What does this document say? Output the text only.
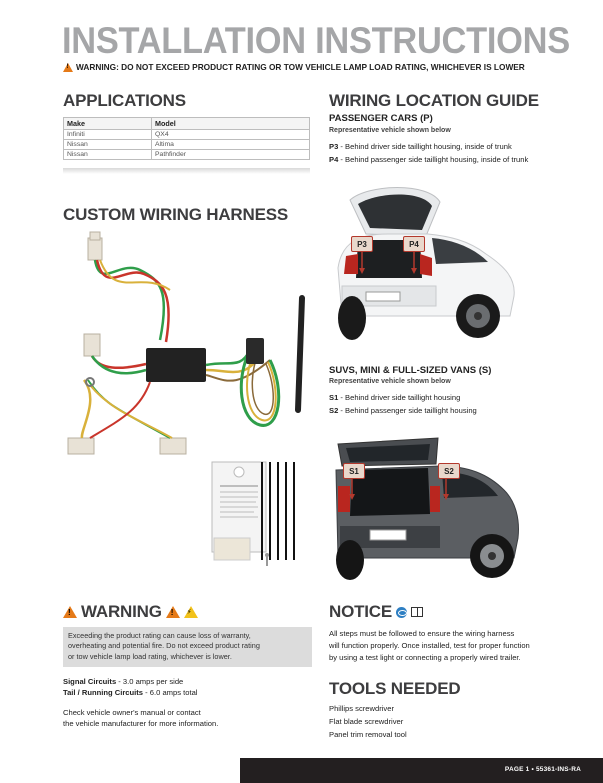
INSTALLATION INSTRUCTIONS
!
WARNING: DO NOT EXCEED PRODUCT RATING OR TOW VEHICLE LAMP LOAD RATING, WHICHEVER IS LOWER
APPLICATIONS
Make	Model
Infiniti	QX4
Nissan	Altima
Nissan	Pathfinder
CUSTOM WIRING HARNESS
WIRING LOCATION GUIDE
PASSENGER CARS (P)
Representative vehicle shown below
P3 - Behind driver side taillight housing, inside of trunk
P4 - Behind passenger side taillight housing, inside of trunk
P3	P4
SUVS, MINI & FULL-SIZED VANS (S)
Representative vehicle shown below
S1 - Behind driver side taillight housing
S2 - Behind passenger side taillight housing
S1	S2
!
WARNING
!
⚡
Exceeding the product rating can cause loss of warranty,
overheating and potential fire. Do not exceed product rating
or tow vehicle lamp load rating, whichever is lower.
Signal Circuits - 3.0 amps per side
Tail / Running Circuits - 6.0 amps total
Check vehicle owner's manual or contact
the vehicle manufacturer for more information.
NOTICE
All steps must be followed to ensure the wiring harness
will function properly. Once installed, test for proper function
by using a test light or connecting a properly wired trailer.
TOOLS NEEDED
Phillips screwdriver
Flat blade screwdriver
Panel trim removal tool
PAGE 1 • 55361-INS-RA
